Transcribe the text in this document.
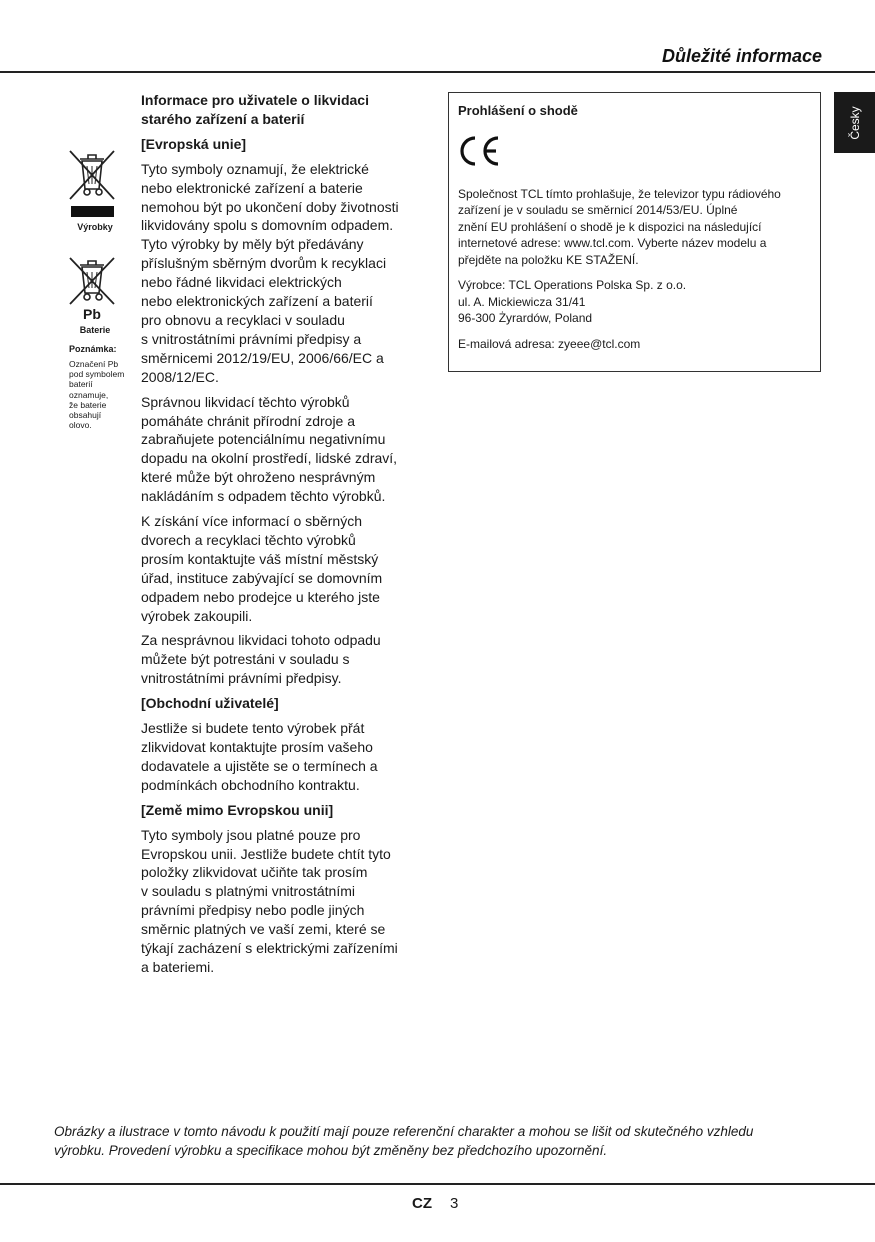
Důležité informace
Česky
Výrobky
Pb
Baterie
Poznámka:
Označení Pb
pod symbolem
baterií
oznamuje,
že baterie
obsahují
olovo.
Informace pro uživatele o likvidaci
starého zařízení a baterií
[Evropská unie]

Tyto symboly oznamují, že elektrické
nebo elektronické zařízení a baterie
nemohou být po ukončení doby životnosti
likvidovány spolu s domovním odpadem.
Tyto výrobky by měly být předávány
příslušným sběrným dvorům k recyklaci
nebo řádné likvidaci elektrických
nebo elektronických zařízení a baterií
pro obnovu a recyklaci v souladu
s vnitrostátními právními předpisy a
směrnicemi 2012/19/EU, 2006/66/EC a
2008/12/EC.

Správnou likvidací těchto výrobků
pomáháte chránit přírodní zdroje a
zabraňujete potenciálnímu negativnímu
dopadu na okolní prostředí, lidské zdraví,
které může být ohroženo nesprávným
nakládáním s odpadem těchto výrobků.

K získání více informací o sběrných
dvorech a recyklaci těchto výrobků
prosím kontaktujte váš místní městský
úřad, instituce zabývající se domovním
odpadem nebo prodejce u kterého jste
výrobek zakoupili.

Za nesprávnou likvidaci tohoto odpadu
můžete být potrestáni v souladu s
vnitrostátními právními předpisy.

[Obchodní uživatelé]

Jestliže si budete tento výrobek přát
zlikvidovat kontaktujte prosím vašeho
dodavatele a ujistěte se o termínech a
podmínkách obchodního kontraktu.

[Země mimo Evropskou unii]

Tyto symboly jsou platné pouze pro
Evropskou unii. Jestliže budete chtít tyto
položky zlikvidovat učiňte tak prosím
v souladu s platnými vnitrostátními
právními předpisy nebo podle jiných
směrnic platných ve vaší zemi, které se
týkají zacházení s elektrickými zařízeními
a bateriemi.

Prohlášení o shodě

Společnost TCL tímto prohlašuje, že televizor typu rádiového
zařízení je v souladu se směrnicí 2014/53/EU. Úplné
znění EU prohlášení o shodě je k dispozici na následující
internetové adrese: www.tcl.com. Vyberte název modelu a
přejděte na položku KE STAŽENÍ.

Výrobce: TCL Operations Polska Sp. z o.o.
ul. A. Mickiewicza 31/41
96-300 Żyrardów, Poland

E-mailová adresa: zyeee@tcl.com

Obrázky a ilustrace v tomto návodu k použití mají pouze referenční charakter a mohou se lišit od skutečného vzhledu
výrobku. Provedení výrobku a specifikace mohou být změněny bez předchozího upozornění.
CZ 3
